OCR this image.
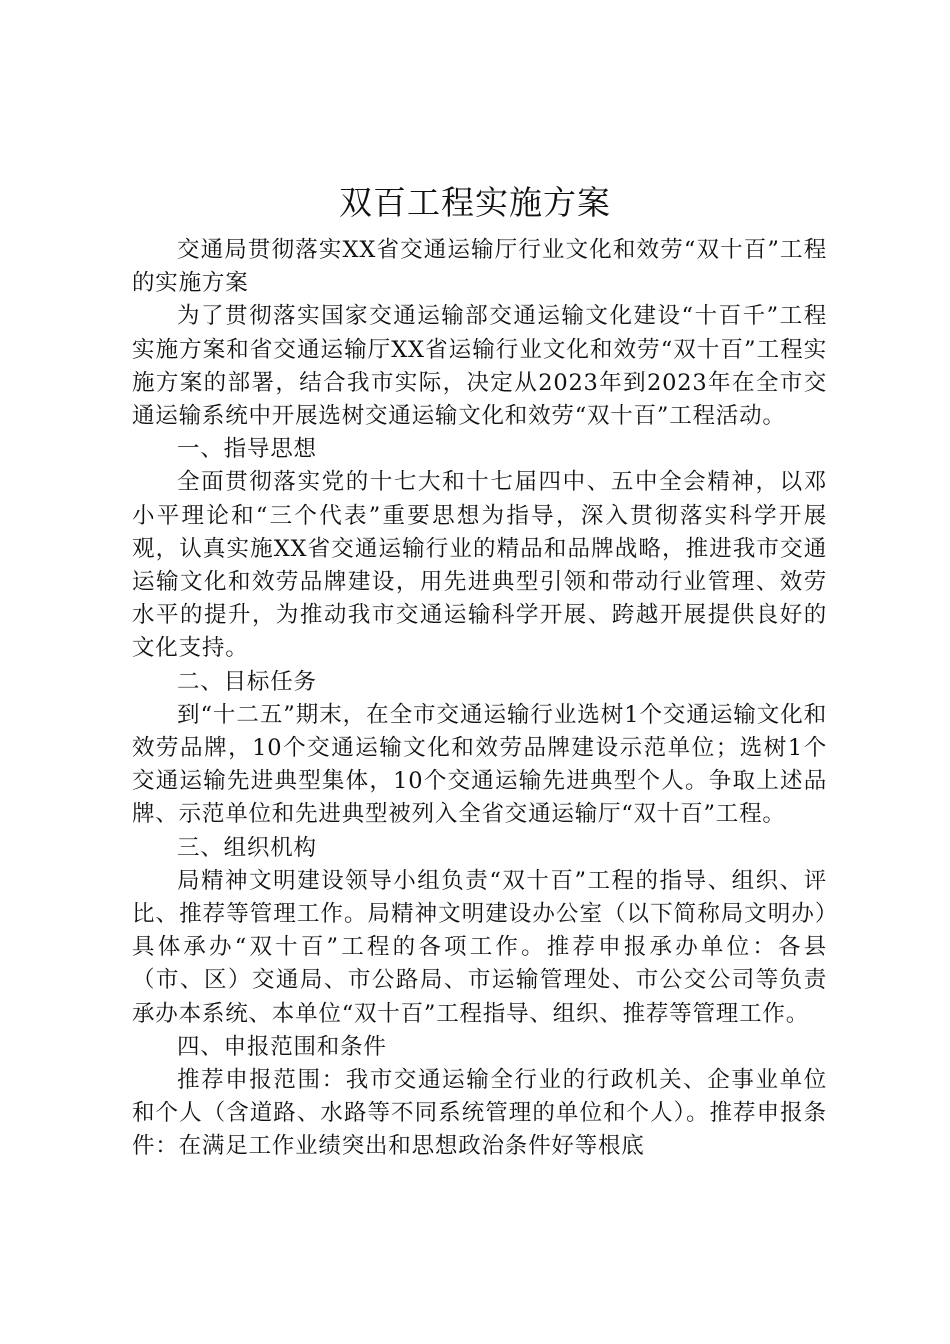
双百工程实施方案

交通局贯彻落实XX省交通运输厅行业文化和效劳“双十百”工程的实施方案

为了贯彻落实国家交通运输部交通运输文化建设“十百千”工程实施方案和省交通运输厅XX省运输行业文化和效劳“双十百”工程实施方案的部署，结合我市实际，决定从2023年到2023年在全市交通运输系统中开展选树交通运输文化和效劳“双十百”工程活动。

一、指导思想

全面贯彻落实党的十七大和十七届四中、五中全会精神，以邓小平理论和“三个代表”重要思想为指导，深入贯彻落实科学开展观，认真实施XX省交通运输行业的精品和品牌战略，推进我市交通运输文化和效劳品牌建设，用先进典型引领和带动行业管理、效劳水平的提升，为推动我市交通运输科学开展、跨越开展提供良好的文化支持。

二、目标任务

到“十二五”期末，在全市交通运输行业选树1个交通运输文化和效劳品牌，10个交通运输文化和效劳品牌建设示范单位；选树1个交通运输先进典型集体，10个交通运输先进典型个人。争取上述品牌、示范单位和先进典型被列入全省交通运输厅“双十百”工程。

三、组织机构

局精神文明建设领导小组负责“双十百”工程的指导、组织、评比、推荐等管理工作。局精神文明建设办公室（以下简称局文明办）具体承办“双十百”工程的各项工作。推荐申报承办单位：各县（市、区）交通局、市公路局、市运输管理处、市公交公司等负责承办本系统、本单位“双十百”工程指导、组织、推荐等管理工作。

四、申报范围和条件

推荐申报范围：我市交通运输全行业的行政机关、企事业单位和个人（含道路、水路等不同系统管理的单位和个人）。推荐申报条件：在满足工作业绩突出和思想政治条件好等根底
